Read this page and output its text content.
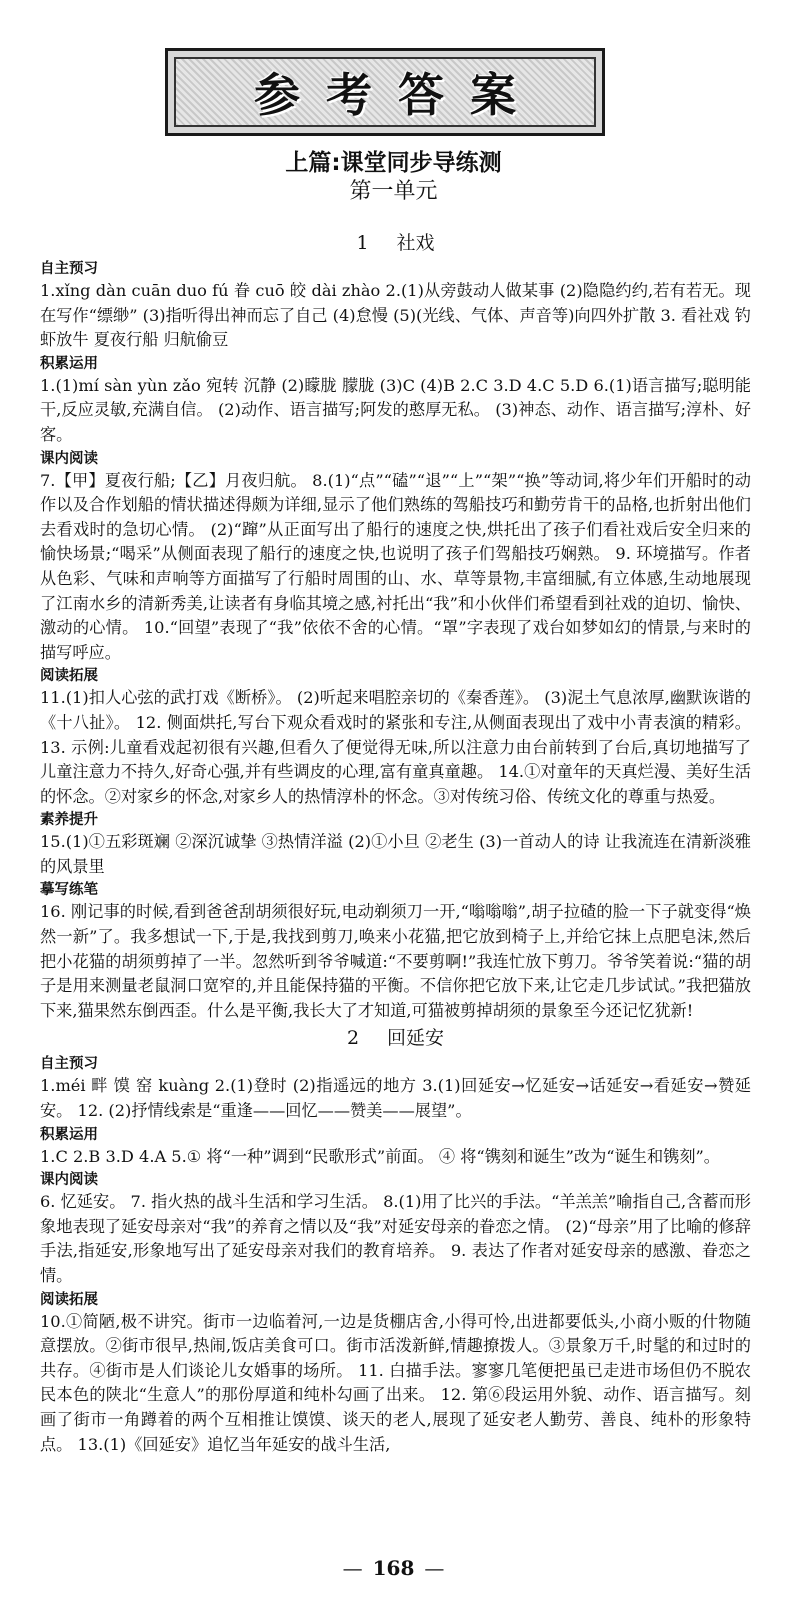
参考答案
上篇:课堂同步导练测
第一单元
1 社戏
自主预习

1.xǐng dàn cuān duo fú 眷 cuō 皎 dài zhào 2.(1)从旁鼓动人做某事 (2)隐隐约约,若有若无。现在写作“缥缈” (3)指听得出神而忘了自己 (4)怠慢 (5)(光线、气体、声音等)向四外扩散 3. 看社戏 钓虾放牛 夏夜行船 归航偷豆

积累运用

1.(1)mí sàn yùn zǎo 宛转 沉静 (2)矇胧 朦胧 (3)C (4)B 2.C 3.D 4.C 5.D 6.(1)语言描写;聪明能干,反应灵敏,充满自信。 (2)动作、语言描写;阿发的憨厚无私。 (3)神态、动作、语言描写;淳朴、好客。

课内阅读

7.【甲】夏夜行船;【乙】月夜归航。 8.(1)“点”“磕”“退”“上”“架”“换”等动词,将少年们开船时的动作以及合作划船的情状描述得颇为详细,显示了他们熟练的驾船技巧和勤劳肯干的品格,也折射出他们去看戏时的急切心情。 (2)“蹿”从正面写出了船行的速度之快,烘托出了孩子们看社戏后安全归来的愉快场景;“喝采”从侧面表现了船行的速度之快,也说明了孩子们驾船技巧娴熟。 9. 环境描写。作者从色彩、气味和声响等方面描写了行船时周围的山、水、草等景物,丰富细腻,有立体感,生动地展现了江南水乡的清新秀美,让读者有身临其境之感,衬托出“我”和小伙伴们希望看到社戏的迫切、愉快、激动的心情。 10.“回望”表现了“我”依依不舍的心情。“罩”字表现了戏台如梦如幻的情景,与来时的描写呼应。

阅读拓展

11.(1)扣人心弦的武打戏《断桥》。 (2)听起来唱腔亲切的《秦香莲》。 (3)泥土气息浓厚,幽默诙谐的《十八扯》。 12. 侧面烘托,写台下观众看戏时的紧张和专注,从侧面表现出了戏中小青表演的精彩。 13. 示例:儿童看戏起初很有兴趣,但看久了便觉得无味,所以注意力由台前转到了台后,真切地描写了儿童注意力不持久,好奇心强,并有些调皮的心理,富有童真童趣。 14.①对童年的天真烂漫、美好生活的怀念。②对家乡的怀念,对家乡人的热情淳朴的怀念。③对传统习俗、传统文化的尊重与热爱。

素养提升

15.(1)①五彩斑斓 ②深沉诚挚 ③热情洋溢 (2)①小旦 ②老生 (3)一首动人的诗 让我流连在清新淡雅的风景里

摹写练笔

16. 刚记事的时候,看到爸爸刮胡须很好玩,电动剃须刀一开,“嗡嗡嗡”,胡子拉碴的脸一下子就变得“焕然一新”了。我多想试一下,于是,我找到剪刀,唤来小花猫,把它放到椅子上,并给它抹上点肥皂沫,然后把小花猫的胡须剪掉了一半。忽然听到爷爷喊道:“不要剪啊!”我连忙放下剪刀。爷爷笑着说:“猫的胡子是用来测量老鼠洞口宽窄的,并且能保持猫的平衡。不信你把它放下来,让它走几步试试。”我把猫放下来,猫果然东倒西歪。什么是平衡,我长大了才知道,可猫被剪掉胡须的景象至今还记忆犹新!

2 回延安
自主预习

1.méi 畔 馍 窑 kuàng 2.(1)登时 (2)指遥远的地方 3.(1)回延安→忆延安→话延安→看延安→赞延安。 12. (2)抒情线索是“重逢——回忆——赞美——展望”。

积累运用

1.C 2.B 3.D 4.A 5.① 将“一种”调到“民歌形式”前面。 ④ 将“镌刻和诞生”改为“诞生和镌刻”。

课内阅读

6. 忆延安。 7. 指火热的战斗生活和学习生活。 8.(1)用了比兴的手法。“羊羔羔”喻指自己,含蓄而形象地表现了延安母亲对“我”的养育之情以及“我”对延安母亲的眷恋之情。 (2)“母亲”用了比喻的修辞手法,指延安,形象地写出了延安母亲对我们的教育培养。 9. 表达了作者对延安母亲的感激、眷恋之情。

阅读拓展

10.①简陋,极不讲究。街市一边临着河,一边是货棚店舍,小得可怜,出进都要低头,小商小贩的什物随意摆放。②街市很早,热闹,饭店美食可口。街市活泼新鲜,情趣撩拨人。③景象万千,时髦的和过时的共存。④街市是人们谈论儿女婚事的场所。 11. 白描手法。寥寥几笔便把虽已走进市场但仍不脱农民本色的陕北“生意人”的那份厚道和纯朴勾画了出来。 12. 第⑥段运用外貌、动作、语言描写。刻画了街市一角蹲着的两个互相推让馍馍、谈天的老人,展现了延安老人勤劳、善良、纯朴的形象特点。 13.(1)《回延安》追忆当年延安的战斗生活,

— 168 —
